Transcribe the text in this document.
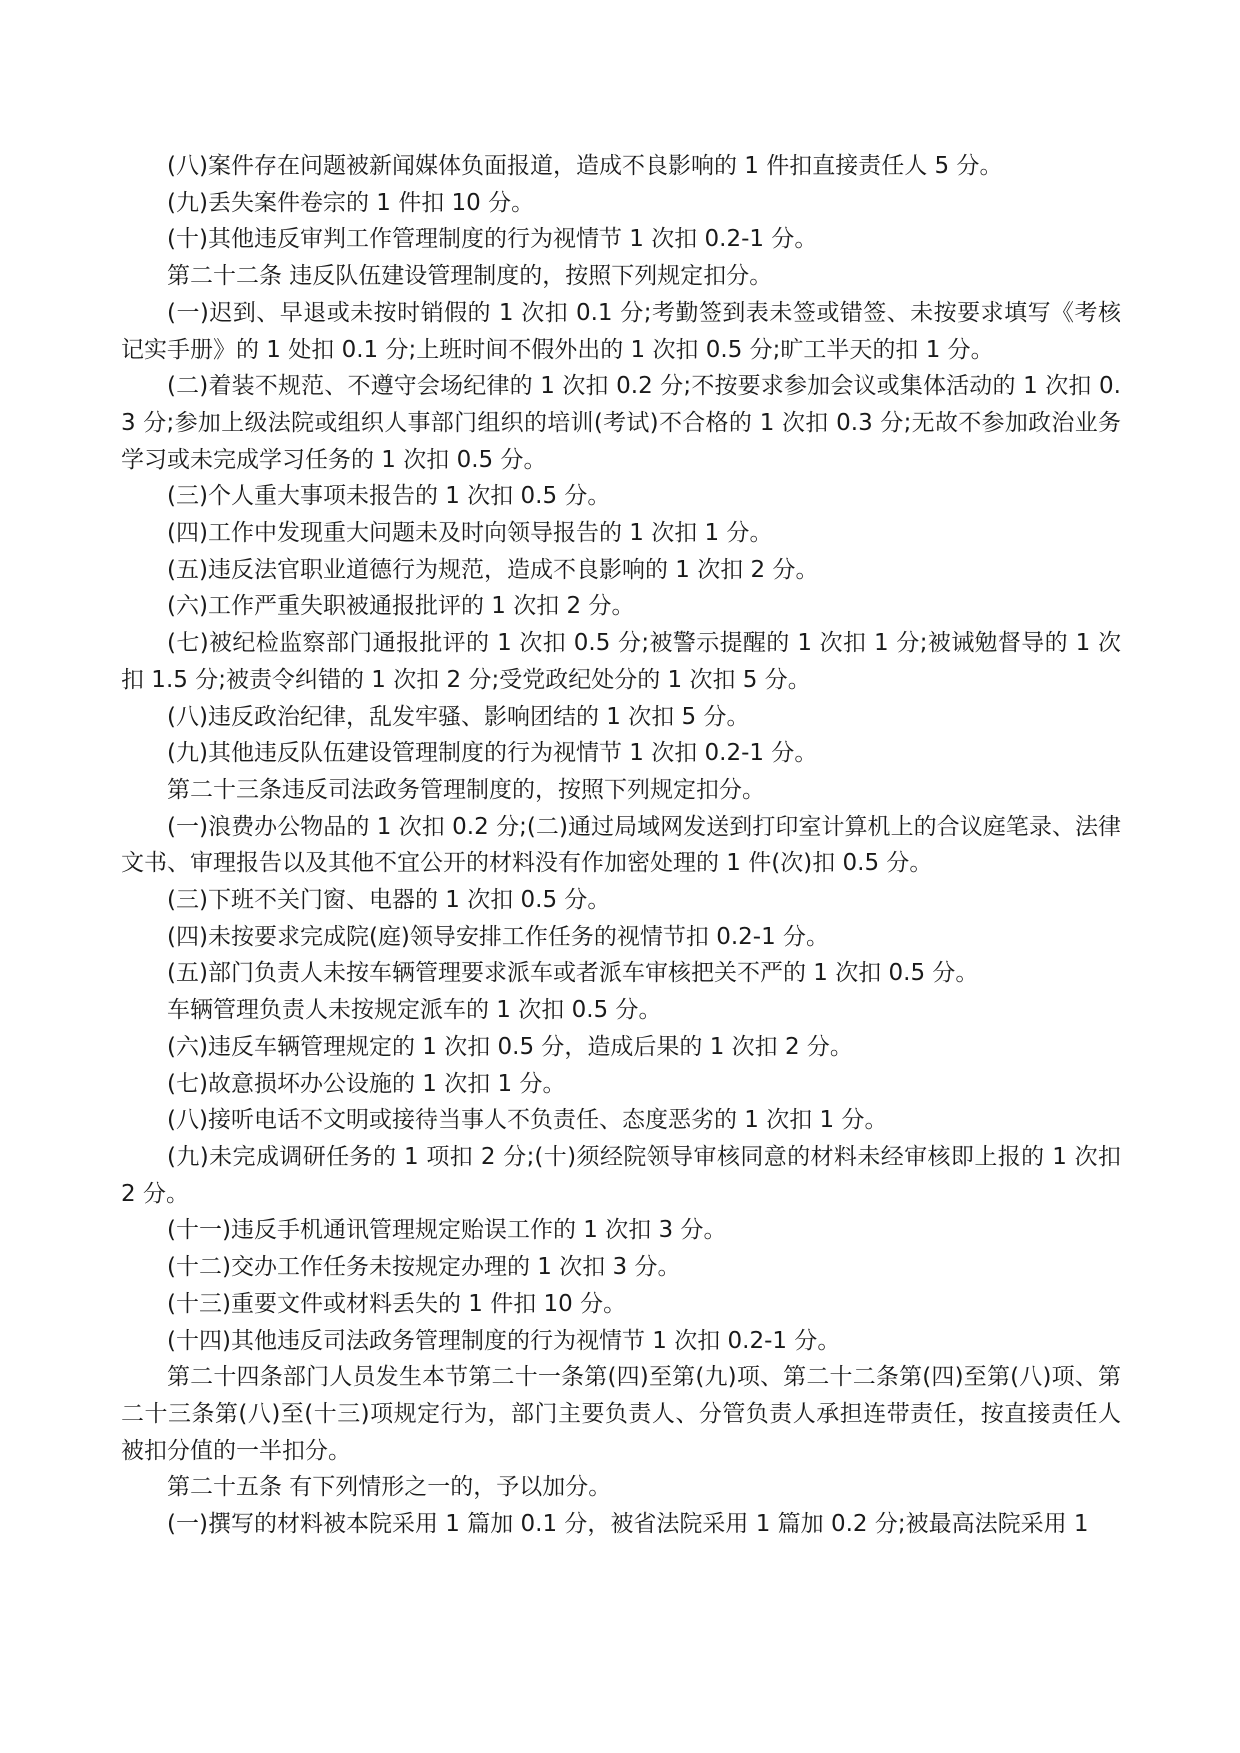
(八)案件存在问题被新闻媒体负面报道，造成不良影响的 1 件扣直接责任人 5 分。

(九)丢失案件卷宗的 1 件扣 10 分。

(十)其他违反审判工作管理制度的行为视情节 1 次扣 0.2-1 分。

第二十二条 违反队伍建设管理制度的，按照下列规定扣分。

(一)迟到、早退或未按时销假的 1 次扣 0.1 分;考勤签到表未签或错签、未按要求填写《考核记实手册》的 1 处扣 0.1 分;上班时间不假外出的 1 次扣 0.5 分;旷工半天的扣 1 分。

(二)着装不规范、不遵守会场纪律的 1 次扣 0.2 分;不按要求参加会议或集体活动的 1 次扣 0.3 分;参加上级法院或组织人事部门组织的培训(考试)不合格的 1 次扣 0.3 分;无故不参加政治业务学习或未完成学习任务的 1 次扣 0.5 分。

(三)个人重大事项未报告的 1 次扣 0.5 分。

(四)工作中发现重大问题未及时向领导报告的 1 次扣 1 分。

(五)违反法官职业道德行为规范，造成不良影响的 1 次扣 2 分。

(六)工作严重失职被通报批评的 1 次扣 2 分。

(七)被纪检监察部门通报批评的 1 次扣 0.5 分;被警示提醒的 1 次扣 1 分;被诫勉督导的 1 次扣 1.5 分;被责令纠错的 1 次扣 2 分;受党政纪处分的 1 次扣 5 分。

(八)违反政治纪律，乱发牢骚、影响团结的 1 次扣 5 分。

(九)其他违反队伍建设管理制度的行为视情节 1 次扣 0.2-1 分。

第二十三条违反司法政务管理制度的，按照下列规定扣分。

(一)浪费办公物品的 1 次扣 0.2 分;(二)通过局域网发送到打印室计算机上的合议庭笔录、法律文书、审理报告以及其他不宜公开的材料没有作加密处理的 1 件(次)扣 0.5 分。

(三)下班不关门窗、电器的 1 次扣 0.5 分。

(四)未按要求完成院(庭)领导安排工作任务的视情节扣 0.2-1 分。

(五)部门负责人未按车辆管理要求派车或者派车审核把关不严的 1 次扣 0.5 分。

车辆管理负责人未按规定派车的 1 次扣 0.5 分。

(六)违反车辆管理规定的 1 次扣 0.5 分，造成后果的 1 次扣 2 分。

(七)故意损坏办公设施的 1 次扣 1 分。

(八)接听电话不文明或接待当事人不负责任、态度恶劣的 1 次扣 1 分。

(九)未完成调研任务的 1 项扣 2 分;(十)须经院领导审核同意的材料未经审核即上报的 1 次扣 2 分。

(十一)违反手机通讯管理规定贻误工作的 1 次扣 3 分。

(十二)交办工作任务未按规定办理的 1 次扣 3 分。

(十三)重要文件或材料丢失的 1 件扣 10 分。

(十四)其他违反司法政务管理制度的行为视情节 1 次扣 0.2-1 分。

第二十四条部门人员发生本节第二十一条第(四)至第(九)项、第二十二条第(四)至第(八)项、第二十三条第(八)至(十三)项规定行为，部门主要负责人、分管负责人承担连带责任，按直接责任人被扣分值的一半扣分。

第二十五条 有下列情形之一的，予以加分。

(一)撰写的材料被本院采用 1 篇加 0.1 分，被省法院采用 1 篇加 0.2 分;被最高法院采用 1
